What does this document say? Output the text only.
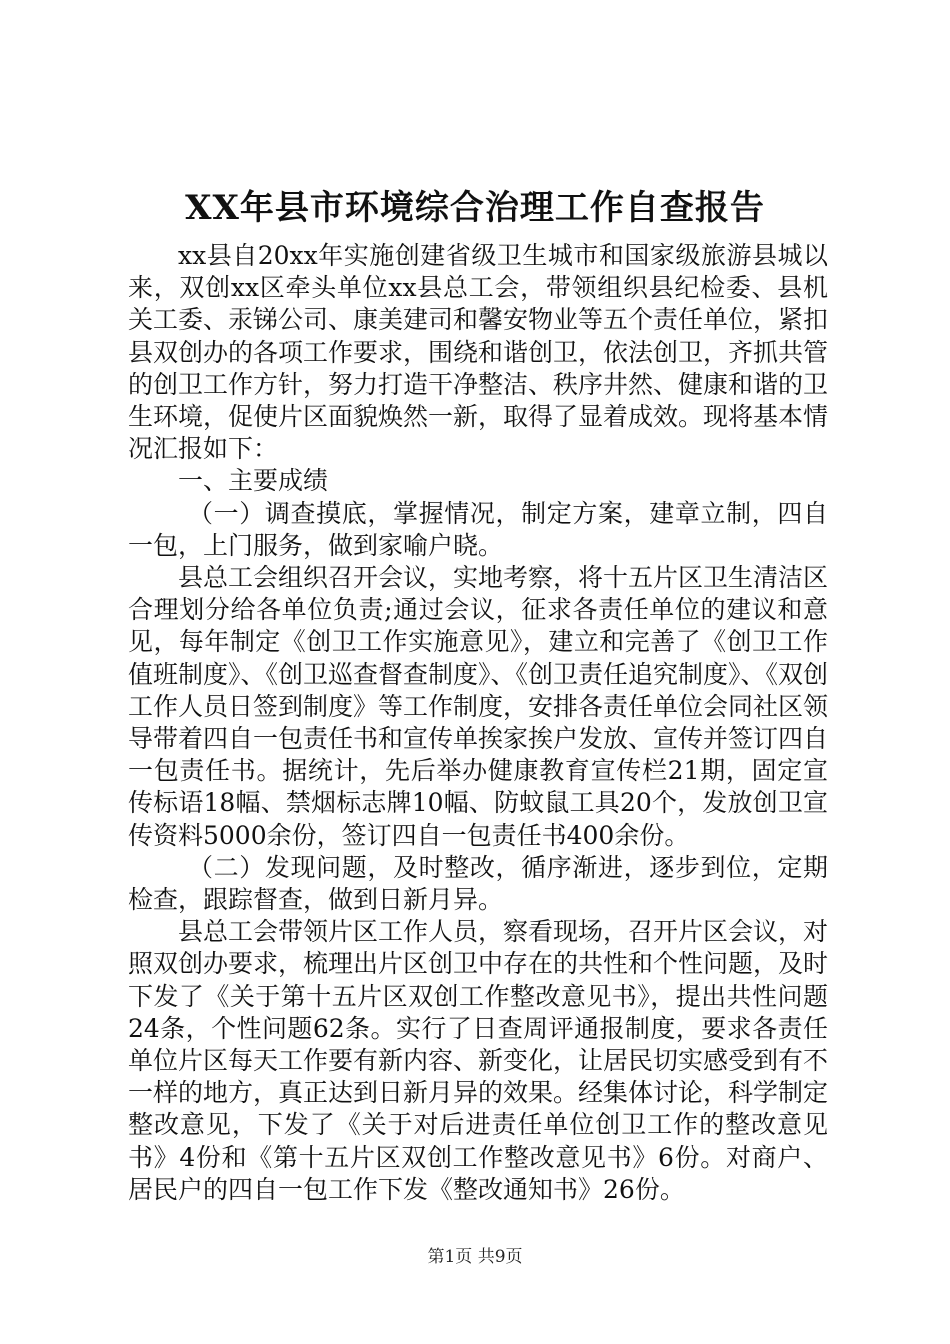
XX年县市环境综合治理工作自查报告

xx县自20xx年实施创建省级卫生城市和国家级旅游县城以来，双创xx区牵头单位xx县总工会，带领组织县纪检委、县机关工委、汞锑公司、康美建司和馨安物业等五个责任单位，紧扣县双创办的各项工作要求，围绕和谐创卫，依法创卫，齐抓共管的创卫工作方针，努力打造干净整洁、秩序井然、健康和谐的卫生环境，促使片区面貌焕然一新，取得了显着成效。现将基本情况汇报如下：

一、主要成绩

（一）调查摸底，掌握情况，制定方案，建章立制，四自一包，上门服务，做到家喻户晓。

县总工会组织召开会议，实地考察，将十五片区卫生清洁区合理划分给各单位负责;通过会议，征求各责任单位的建议和意见，每年制定《创卫工作实施意见》，建立和完善了《创卫工作值班制度》、《创卫巡查督查制度》、《创卫责任追究制度》、《双创工作人员日签到制度》等工作制度，安排各责任单位会同社区领导带着四自一包责任书和宣传单挨家挨户发放、宣传并签订四自一包责任书。据统计，先后举办健康教育宣传栏21期，固定宣传标语18幅、禁烟标志牌10幅、防蚊鼠工具20个，发放创卫宣传资料5000余份，签订四自一包责任书400余份。

（二）发现问题，及时整改，循序渐进，逐步到位，定期检查，跟踪督查，做到日新月异。

县总工会带领片区工作人员，察看现场，召开片区会议，对照双创办要求，梳理出片区创卫中存在的共性和个性问题，及时下发了《关于第十五片区双创工作整改意见书》，提出共性问题24条，个性问题62条。实行了日查周评通报制度，要求各责任单位片区每天工作要有新内容、新变化，让居民切实感受到有不一样的地方，真正达到日新月异的效果。经集体讨论，科学制定整改意见，下发了《关于对后进责任单位创卫工作的整改意见书》4份和《第十五片区双创工作整改意见书》6份。对商户、居民户的四自一包工作下发《整改通知书》26份。

第1页 共9页
